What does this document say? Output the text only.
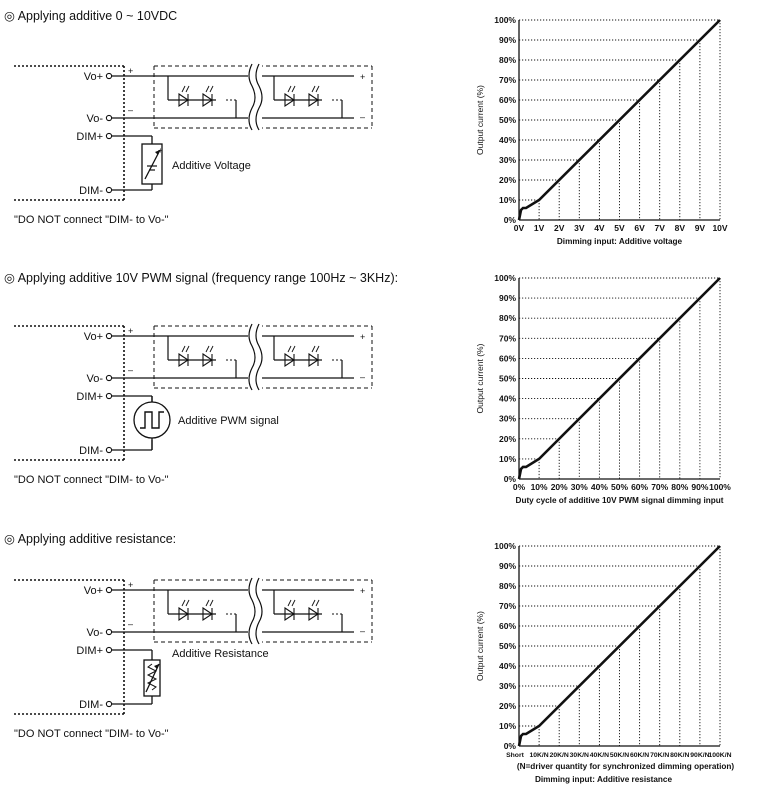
◎ Applying additive 0 ~ 10VDC
◎ Applying additive 10V PWM signal (frequency range 100Hz ~ 3KHz):
◎ Applying additive resistance:
"DO NOT connect "DIM- to Vo-"
"DO NOT connect "DIM- to Vo-"
"DO NOT connect "DIM- to Vo-"
Vo+
Vo-
DIM+
DIM-
+
–
+
–
+
Additive Voltage
0%
10%
20%
30%
40%
50%
60%
70%
80%
90%
100%
0V 1V 2V 3V 4V 5V 6V 7V 8V 9V 10V
Output current (%)
Dimming input: Additive voltage
Vo+
Vo-
DIM+
DIM-
+
–
+
–
Additive PWM signal
0%
10%
20%
30%
40%
50%
60%
70%
80%
90%
100%
0% 10% 20% 30% 40% 50% 60% 70% 80% 90% 100%
Output current (%)
Duty cycle of additive 10V PWM signal dimming input
Vo+
Vo-
DIM+
DIM-
+
–
+
–
Additive Resistance
0%
10%
20%
30%
40%
50%
60%
70%
80%
90%
100%
Short 10K/N 20K/N 30K/N 40K/N 50K/N 60K/N 70K/N 80K/N 90K/N
100K/N
Output current (%)
(N=driver quantity for synchronized dimming operation)
Dimming input: Additive resistance
